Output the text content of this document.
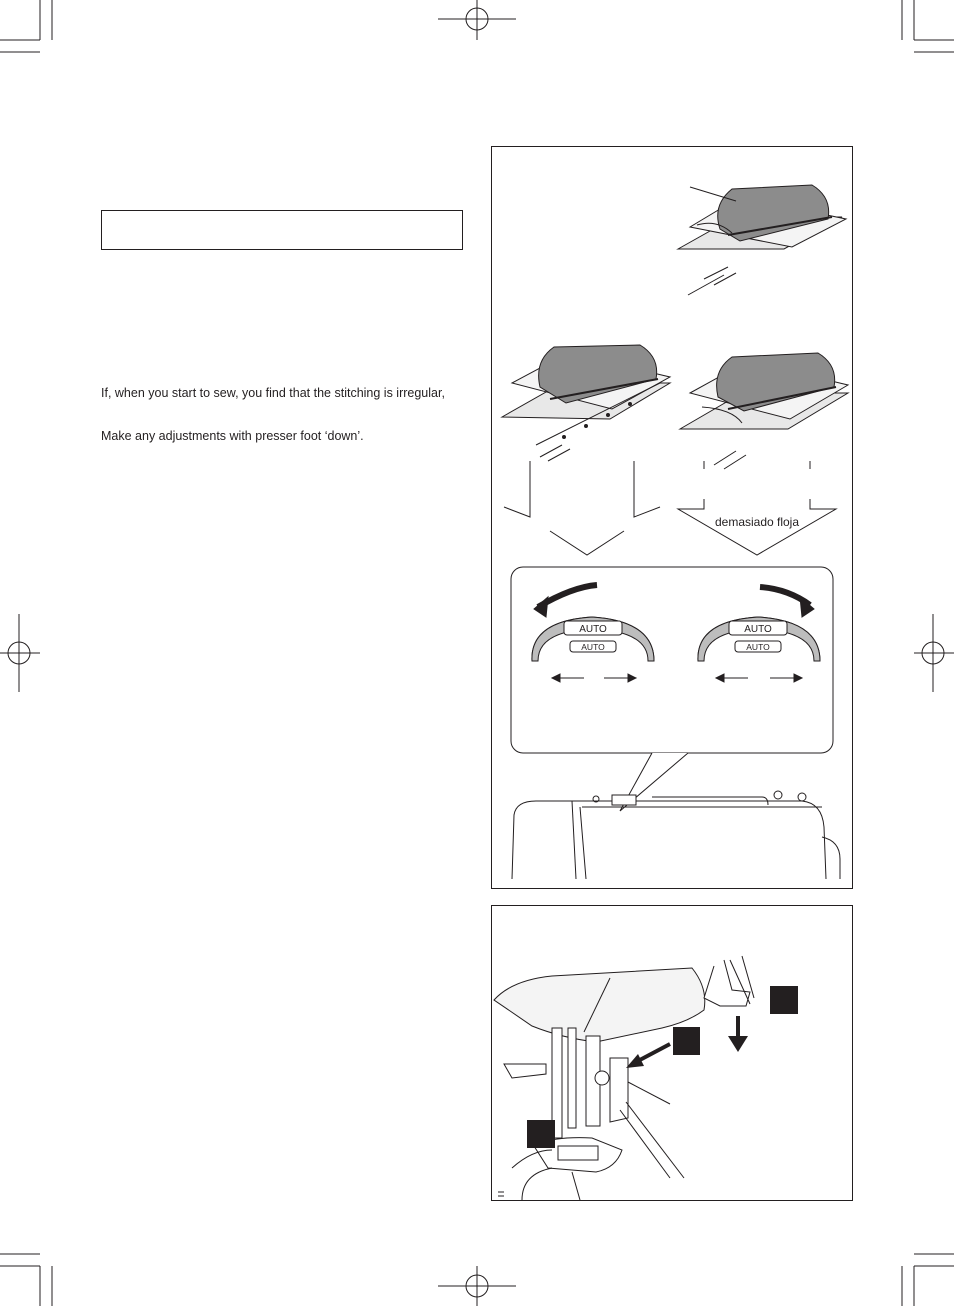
If, when you start to sew, you find that the stitching is irregular,
Make any adjustments with presser foot ‘down’.
AUTO
AUTO
AUTO
AUTO
demasiado floja
